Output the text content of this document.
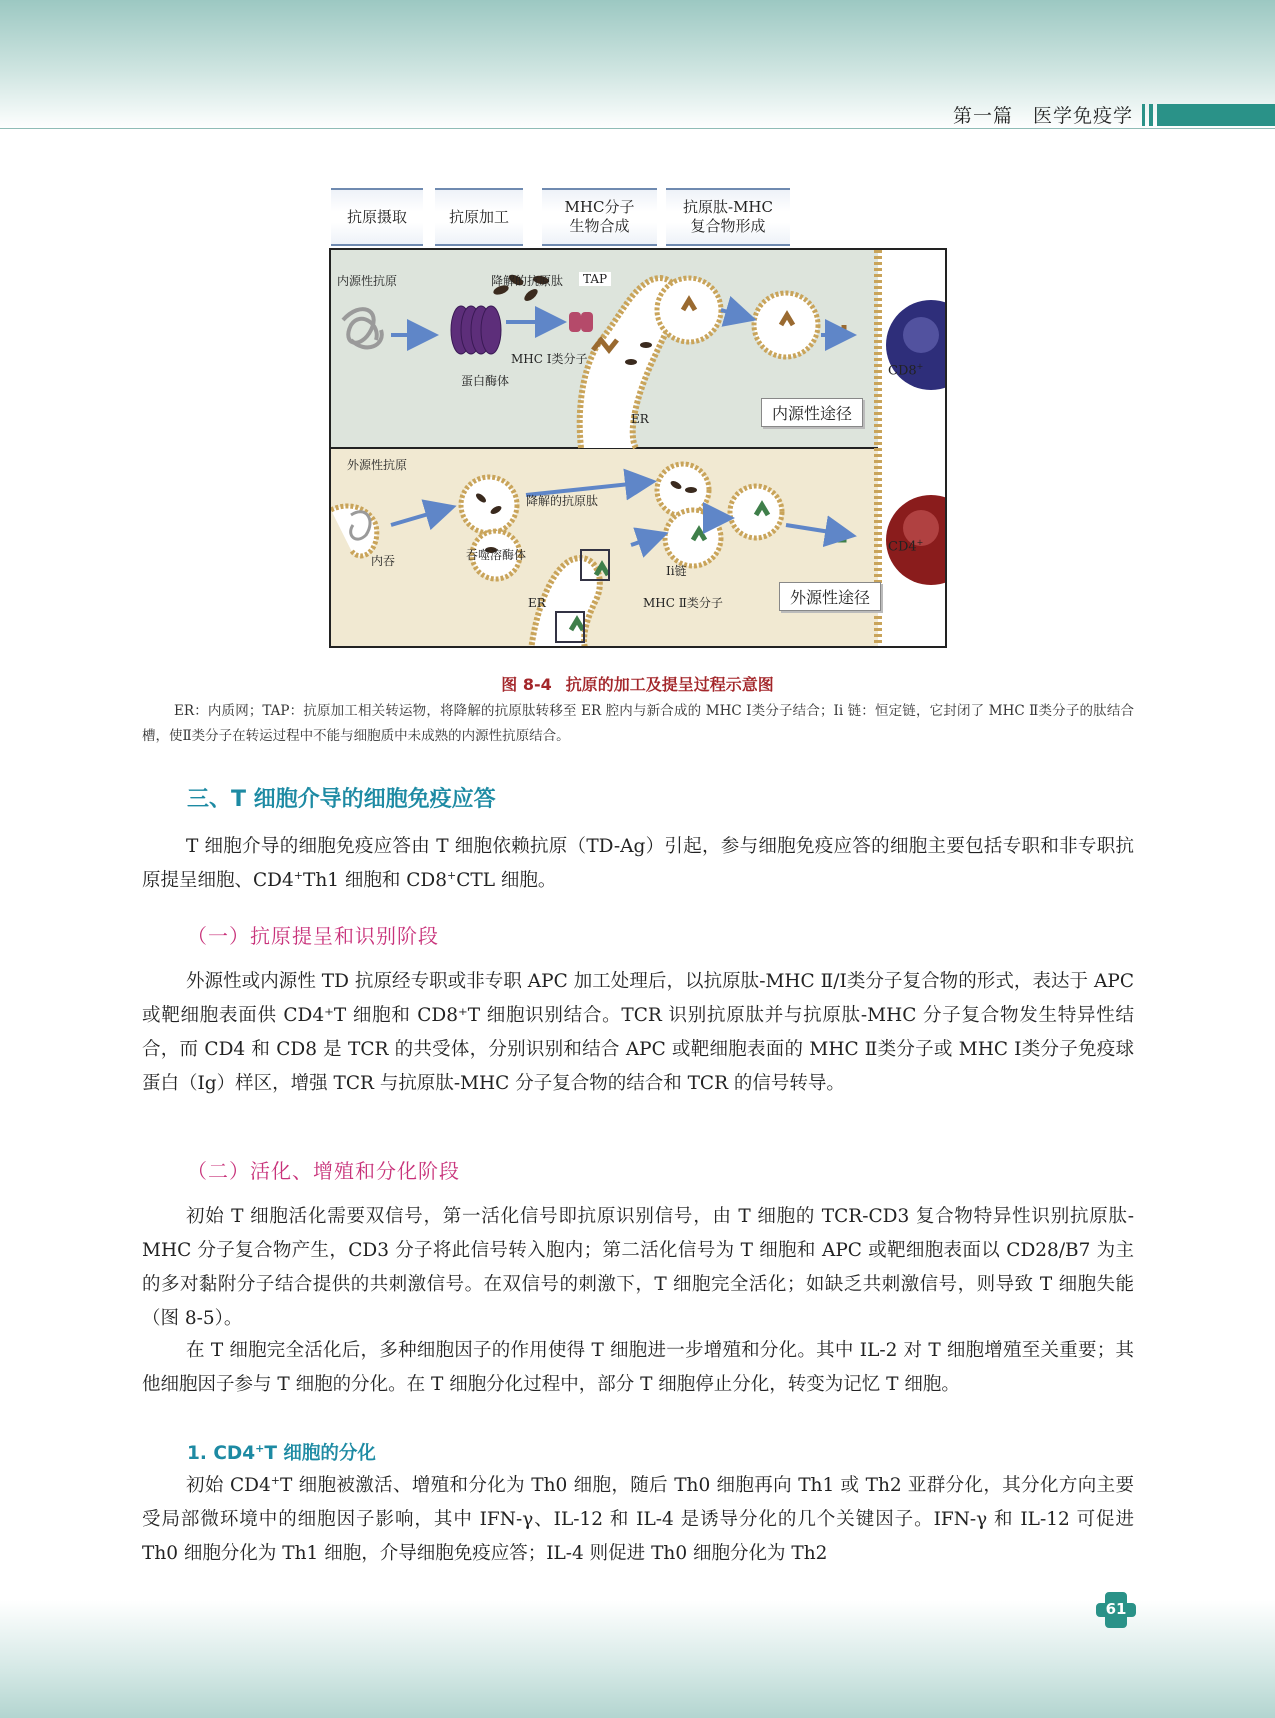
第一篇　医学免疫学
抗原摄取	抗原加工
MHC分子
生物合成
抗原肽-MHC
复合物形成
内源性抗原	降解的抗原肽	TAP
MHC Ⅰ类分子
蛋白酶体
ER
CD8+
内源性途径
外源性抗原
降解的抗原肽
内吞	吞噬溶酶体
Ii链
MHC Ⅱ类分子
ER
CD4+
外源性途径
图 8-4 抗原的加工及提呈过程示意图
ER：内质网；TAP：抗原加工相关转运物，将降解的抗原肽转移至 ER 腔内与新合成的 MHC Ⅰ类分子结合；Ii 链：恒定链，它封闭了 MHC Ⅱ类分子的肽结合槽，使Ⅱ类分子在转运过程中不能与细胞质中未成熟的内源性抗原结合。
三、T 细胞介导的细胞免疫应答
T 细胞介导的细胞免疫应答由 T 细胞依赖抗原（TD-Ag）引起，参与细胞免疫应答的细胞主要包括专职和非专职抗原提呈细胞、CD4+Th1 细胞和 CD8+CTL 细胞。
（一）抗原提呈和识别阶段
外源性或内源性 TD 抗原经专职或非专职 APC 加工处理后，以抗原肽-MHC Ⅱ/Ⅰ类分子复合物的形式，表达于 APC 或靶细胞表面供 CD4⁺T 细胞和 CD8⁺T 细胞识别结合。TCR 识别抗原肽并与抗原肽-MHC 分子复合物发生特异性结合，而 CD4 和 CD8 是 TCR 的共受体，分别识别和结合 APC 或靶细胞表面的 MHC Ⅱ类分子或 MHC Ⅰ类分子免疫球蛋白（Ig）样区，增强 TCR 与抗原肽-MHC 分子复合物的结合和 TCR 的信号转导。
（二）活化、增殖和分化阶段
初始 T 细胞活化需要双信号，第一活化信号即抗原识别信号，由 T 细胞的 TCR-CD3 复合物特异性识别抗原肽-MHC 分子复合物产生，CD3 分子将此信号转入胞内；第二活化信号为 T 细胞和 APC 或靶细胞表面以 CD28/B7 为主的多对黏附分子结合提供的共刺激信号。在双信号的刺激下，T 细胞完全活化；如缺乏共刺激信号，则导致 T 细胞失能（图 8-5）。
在 T 细胞完全活化后，多种细胞因子的作用使得 T 细胞进一步增殖和分化。其中 IL-2 对 T 细胞增殖至关重要；其他细胞因子参与 T 细胞的分化。在 T 细胞分化过程中，部分 T 细胞停止分化，转变为记忆 T 细胞。
1. CD4+T 细胞的分化
初始 CD4+T 细胞被激活、增殖和分化为 Th0 细胞，随后 Th0 细胞再向 Th1 或 Th2 亚群分化，其分化方向主要受局部微环境中的细胞因子影响，其中 IFN-γ、IL-12 和 IL-4 是诱导分化的几个关键因子。IFN-γ 和 IL-12 可促进 Th0 细胞分化为 Th1 细胞，介导细胞免疫应答；IL-4 则促进 Th0 细胞分化为 Th2
61
